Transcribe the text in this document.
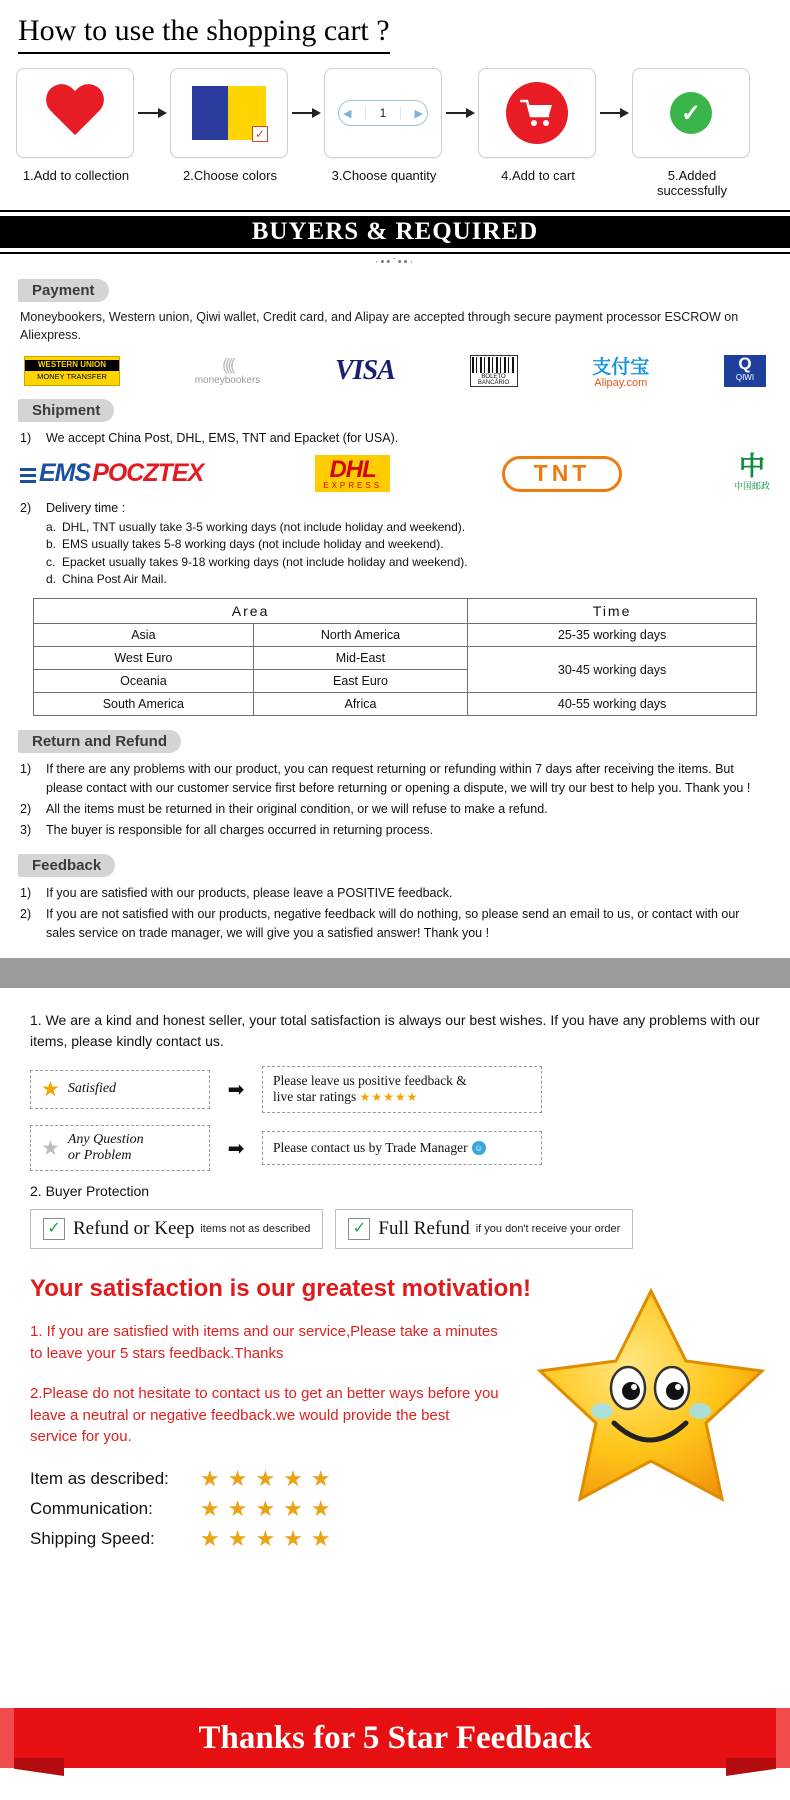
How to use the shopping cart ?
1.Add to collection
✓
2.Choose colors
◀	1	▶
3.Choose quantity	4.Add to cart
✓
5.Added successfully
BUYERS & REQUIRED
·••ॱ••·
Payment
Moneybookers, Western union, Qiwi wallet, Credit card, and Alipay are accepted through secure payment processor ESCROW on Aliexpress.
WESTERN UNION
MONEY TRANSFER
((((
moneybookers	VISA	BOLETO
BANCÁRIO
支付宝
Alipay.com
Q
QIWI
Shipment
1)	We accept China Post, DHL, EMS, TNT and Epacket (for USA).
EMS POCZTEX	DHL
EXPRESS	TNT	中
中国邮政
2)	Delivery time :
a. DHL, TNT usually take 3-5 working days (not include holiday and weekend).
b. EMS usually takes 5-8 working days (not include holiday and weekend).
c. Epacket usually takes 9-18 working days (not include holiday and weekend).
d. China Post Air Mail.
Area		Time
Asia	North America	25-35 working days
West Euro	Mid-East	30-45 working days
Oceania	East Euro	
South America	Africa	40-55 working days
Return and Refund
1)	If there are any problems with our product, you can request returning or refunding within 7 days after receiving the items. But please contact with our customer service first before returning or opening a dispute, we will try our best to help you. Thank you !
2)	All the items must be returned in their original condition, or we will refuse to make a refund.
3)	The buyer is responsible for all charges occurred in returning process.
Feedback
1)	If you are satisfied with our products, please leave a POSITIVE feedback.
2)	If you are not satisfied with our products, negative feedback will do nothing, so please send an email to us, or contact with our sales service on trade manager, we will give you a satisfied answer! Thank you !
1. We are a kind and honest seller, your total satisfaction is always our best wishes. If you have any problems with our items, please kindly contact us.
★ Satisfied	➡	Please leave us positive feedback &
live star ratings ★★★★★
★ Any Question
or Problem	➡	Please contact us by Trade Manager ☺
2. Buyer Protection
✓ Refund or Keep items not as described	✓ Full Refund if you don't receive your order
Your satisfaction is our greatest motivation!
1. If you are satisfied with items and our service,Please take a minutes to leave your 5 stars feedback.Thanks
2.Please do not hesitate to contact us to get an better ways before you leave a neutral or negative feedback.we would provide the best service for you.
Item as described:	★★★★★
Communication:	★★★★★
Shipping Speed:	★★★★★
Thanks for 5 Star Feedback
